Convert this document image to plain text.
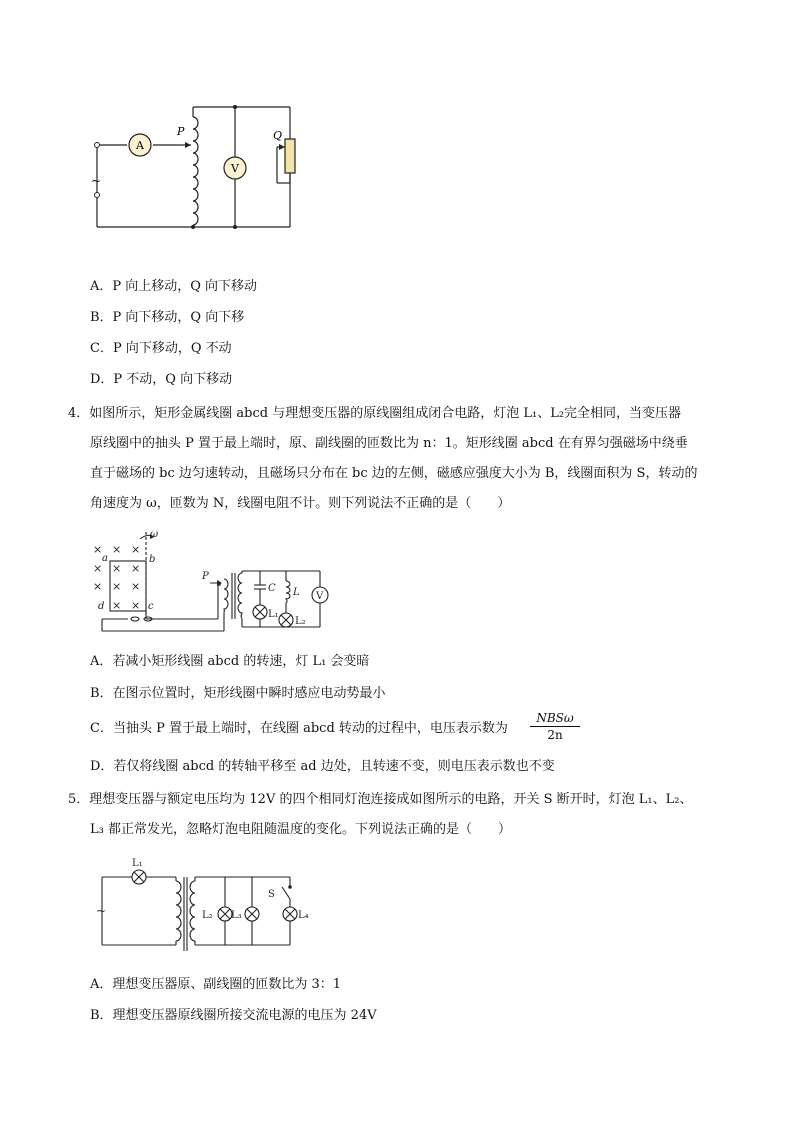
A
V
P	Q
~
A．P 向上移动，Q 向下移动
B．P 向下移动，Q 向下移
C．P 向下移动，Q 不动
D．P 不动，Q 向下移动
4．如图所示，矩形金属线圈 abcd 与理想变压器的原线圈组成闭合电路，灯泡 L₁、L₂完全相同，当变压器
原线圈中的抽头 P 置于最上端时，原、副线圈的匝数比为 n：1。矩形线圈 abcd 在有界匀强磁场中绕垂
直于磁场的 bc 边匀速转动，且磁场只分布在 bc 边的左侧，磁感应强度大小为 B，线圈面积为 S，转动的
角速度为 ω，匝数为 N，线圈电阻不计。则下列说法不正确的是（　　）
× × ×
× × ×
× × ×
× ×
ω
a	b
c
d
P
C L
L₁
L₂
V
A．若减小矩形线圈 abcd 的转速，灯 L₁ 会变暗
B．在图示位置时，矩形线圈中瞬时感应电动势最小
C．当抽头 P 置于最上端时，在线圈 abcd 转动的过程中，电压表示数为
NBSω
2n
D．若仅将线圈 abcd 的转轴平移至 ad 边处，且转速不变，则电压表示数也不变
5．理想变压器与额定电压均为 12V 的四个相同灯泡连接成如图所示的电路，开关 S 断开时，灯泡 L₁、L₂、
L₃ 都正常发光，忽略灯泡电阻随温度的变化。下列说法正确的是（　　）
L₁
L₂ L₃	L₄
S
~
A．理想变压器原、副线圈的匝数比为 3：1
B．理想变压器原线圈所接交流电源的电压为 24V
